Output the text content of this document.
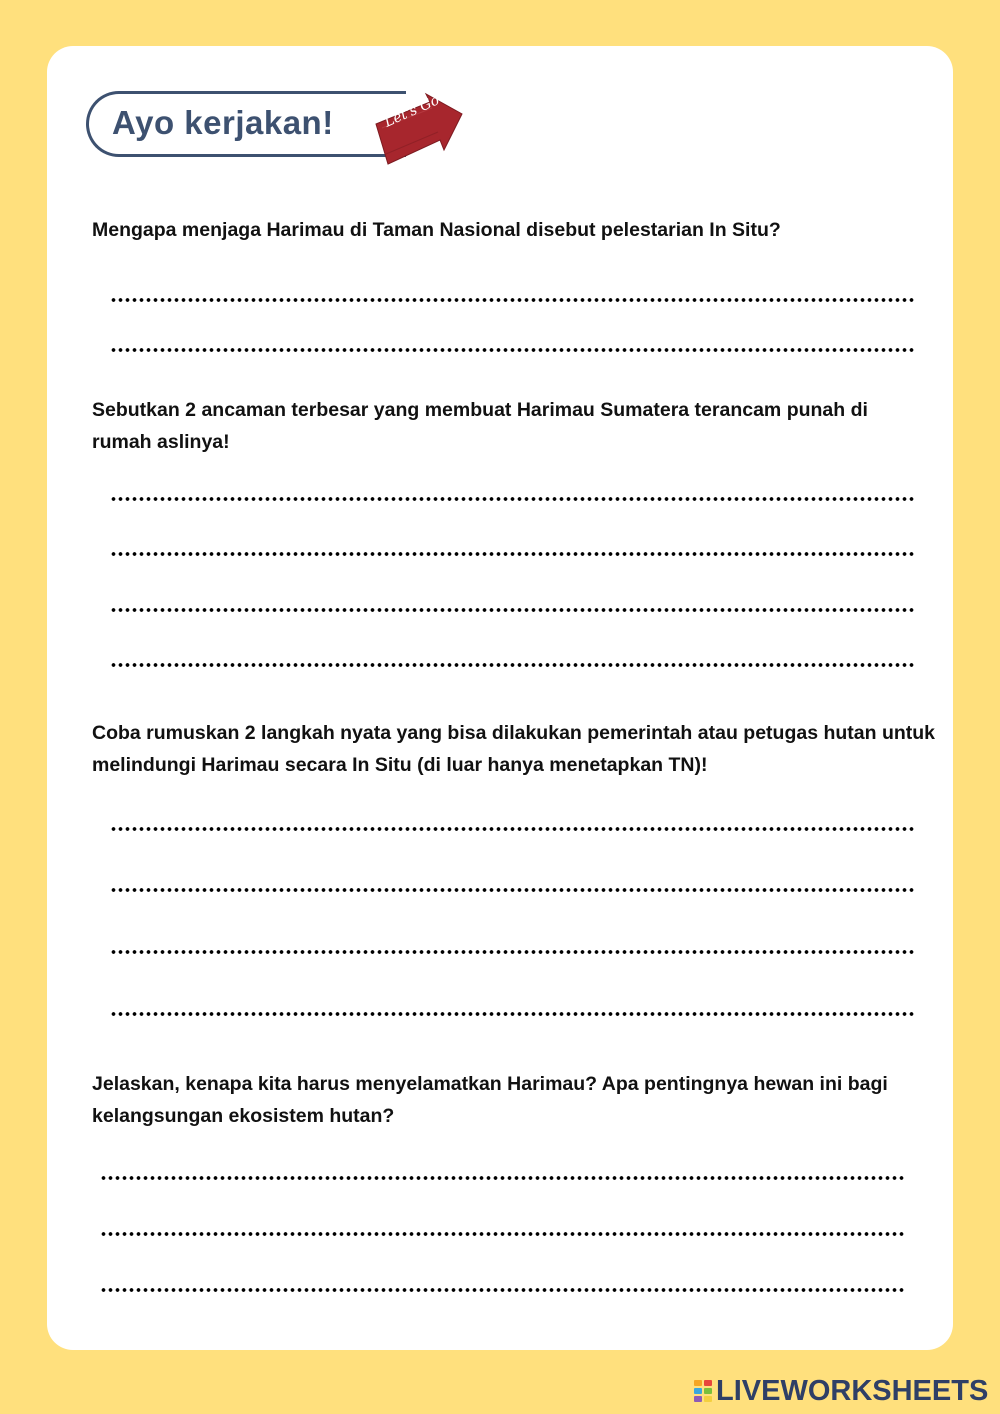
Ayo kerjakan!	Let's Go

Mengapa menjaga Harimau di Taman Nasional disebut pelestarian In Situ?

Sebutkan 2 ancaman terbesar yang membuat Harimau Sumatera terancam punah di rumah aslinya!

Coba rumuskan 2 langkah nyata yang bisa dilakukan pemerintah atau petugas hutan untuk melindungi Harimau secara In Situ (di luar hanya menetapkan TN)!

Jelaskan, kenapa kita harus menyelamatkan Harimau? Apa pentingnya hewan ini bagi kelangsungan ekosistem hutan?

LIVEWORKSHEETS
